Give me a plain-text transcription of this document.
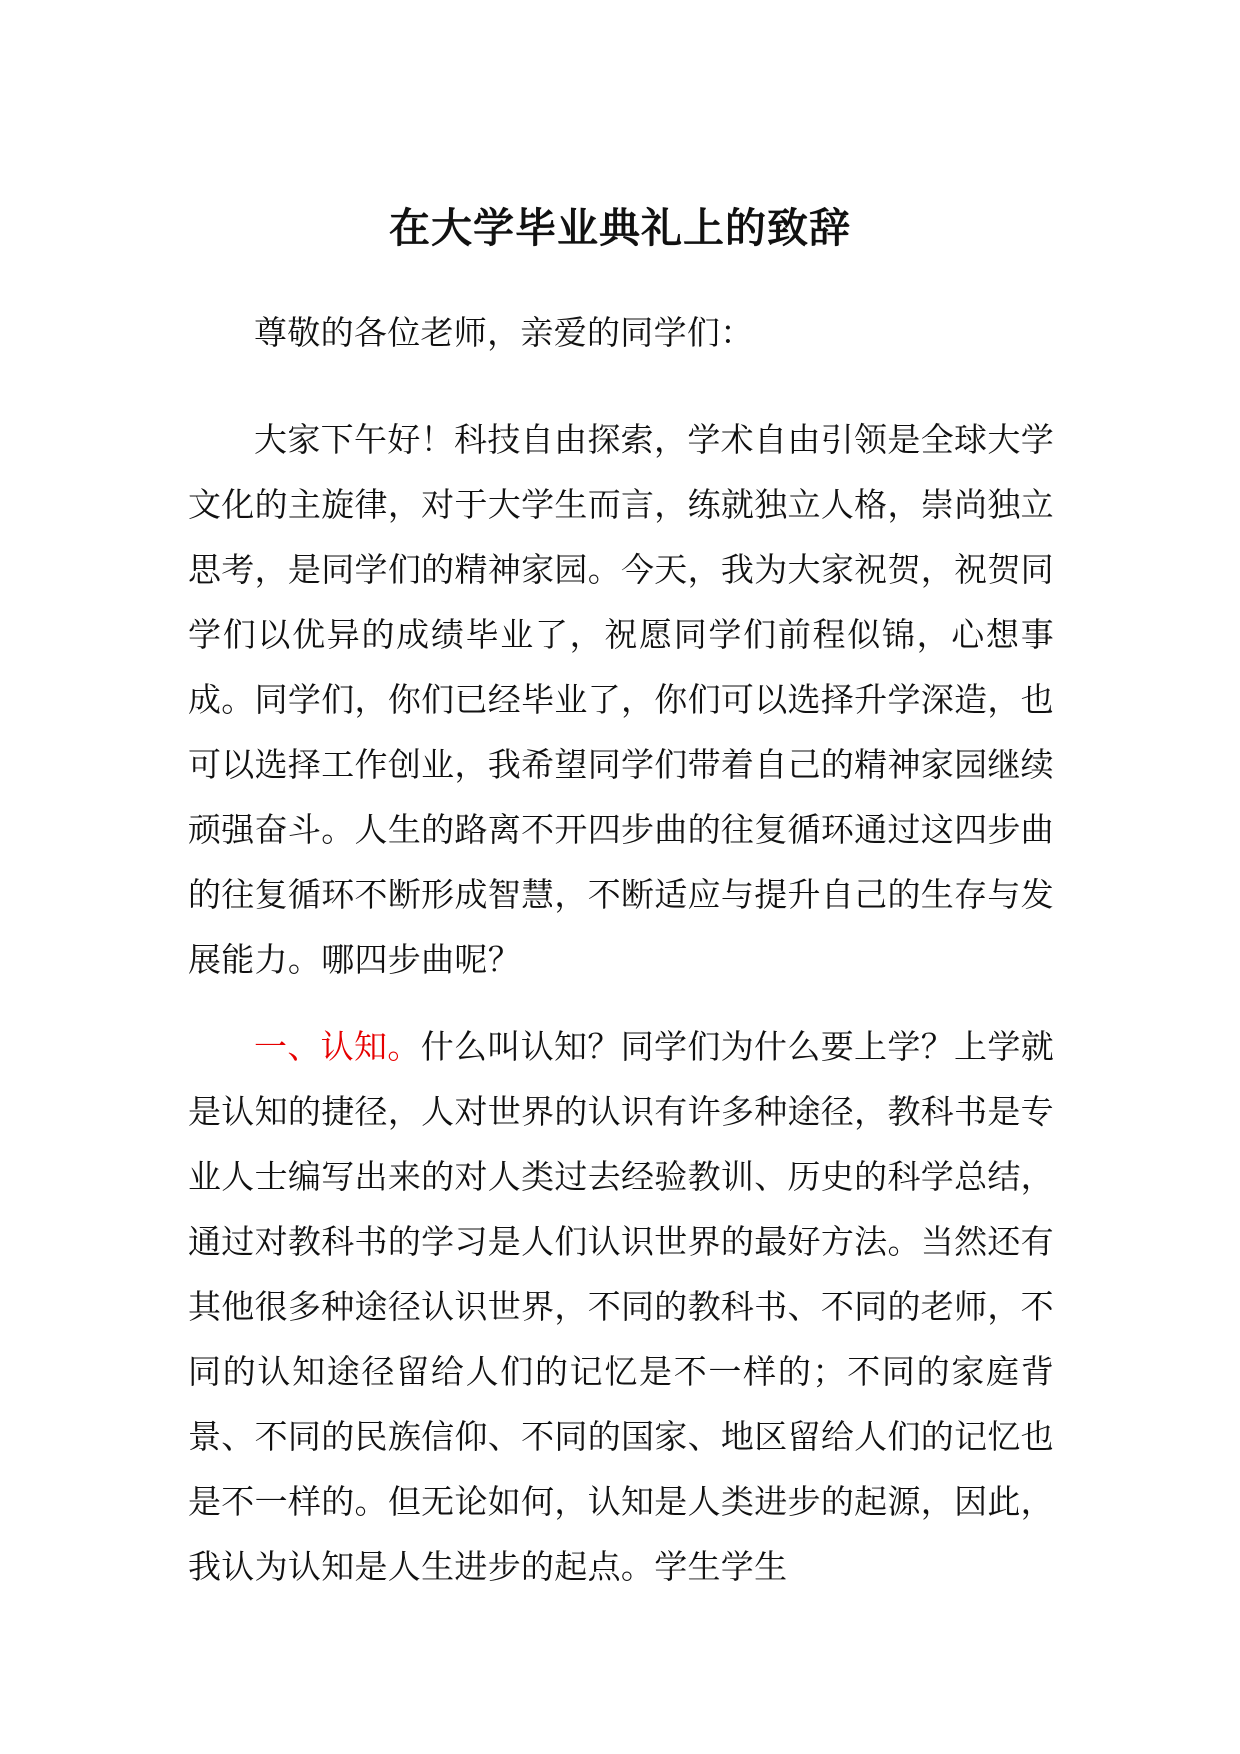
在大学毕业典礼上的致辞

尊敬的各位老师，亲爱的同学们：

大家下午好！科技自由探索，学术自由引领是全球大学文化的主旋律，对于大学生而言，练就独立人格，崇尚独立思考，是同学们的精神家园。今天，我为大家祝贺，祝贺同学们以优异的成绩毕业了，祝愿同学们前程似锦，心想事成。同学们，你们已经毕业了，你们可以选择升学深造，也可以选择工作创业，我希望同学们带着自己的精神家园继续顽强奋斗。人生的路离不开四步曲的往复循环通过这四步曲的往复循环不断形成智慧，不断适应与提升自己的生存与发展能力。哪四步曲呢？

一、认知。什么叫认知？同学们为什么要上学？上学就是认知的捷径，人对世界的认识有许多种途径，教科书是专业人士编写出来的对人类过去经验教训、历史的科学总结，通过对教科书的学习是人们认识世界的最好方法。当然还有其他很多种途径认识世界，不同的教科书、不同的老师，不同的认知途径留给人们的记忆是不一样的；不同的家庭背景、不同的民族信仰、不同的国家、地区留给人们的记忆也是不一样的。但无论如何，认知是人类进步的起源，因此，我认为认知是人生进步的起点。学生学生
